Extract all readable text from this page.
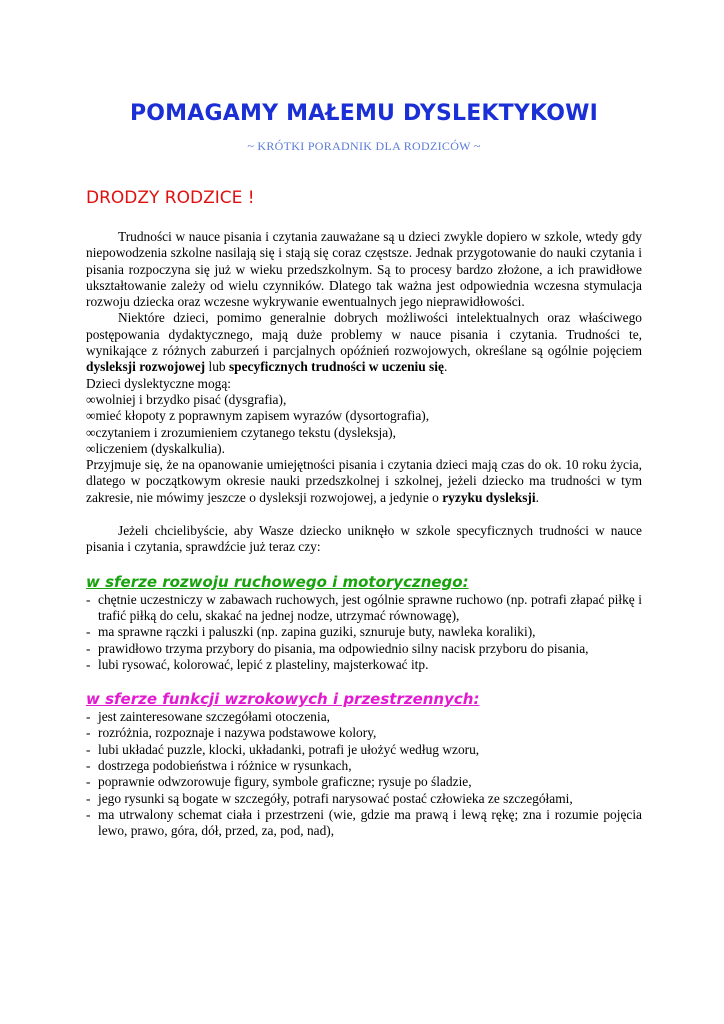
POMAGAMY MAŁEMU DYSLEKTYKOWI
~ KRÓTKI PORADNIK DLA RODZICÓW ~
DRODZY RODZICE !

Trudności w nauce pisania i czytania zauważane są u dzieci zwykle dopiero w szkole, wtedy gdy niepowodzenia szkolne nasilają się i stają się coraz częstsze. Jednak przygotowanie do nauki czytania i pisania rozpoczyna się już w wieku przedszkolnym. Są to procesy bardzo złożone, a ich prawidłowe ukształtowanie zależy od wielu czynników. Dlatego tak ważna jest odpowiednia wczesna stymulacja rozwoju dziecka oraz wczesne wykrywanie ewentualnych jego nieprawidłowości.

Niektóre dzieci, pomimo generalnie dobrych możliwości intelektualnych oraz właściwego postępowania dydaktycznego, mają duże problemy w nauce pisania i czytania. Trudności te, wynikające z różnych zaburzeń i parcjalnych opóźnień rozwojowych, określane są ogólnie pojęciem dysleksji rozwojowej lub specyficznych trudności w uczeniu się.

Dzieci dyslektyczne mogą:

∞wolniej i brzydko pisać (dysgrafia),

∞mieć kłopoty z poprawnym zapisem wyrazów (dysortografia),

∞czytaniem i zrozumieniem czytanego tekstu (dysleksja),

∞liczeniem (dyskalkulia).

Przyjmuje się, że na opanowanie umiejętności pisania i czytania dzieci mają czas do ok. 10 roku życia, dlatego w początkowym okresie nauki przedszkolnej i szkolnej, jeżeli dziecko ma trudności w tym zakresie, nie mówimy jeszcze o dysleksji rozwojowej, a jedynie o ryzyku dysleksji.

Jeżeli chcielibyście, aby Wasze dziecko uniknęło w szkole specyficznych trudności w nauce pisania i czytania, sprawdźcie już teraz czy:

w sferze rozwoju ruchowego i motorycznego:

- chętnie uczestniczy w zabawach ruchowych, jest ogólnie sprawne ruchowo (np. potrafi złapać piłkę i trafić piłką do celu, skakać na jednej nodze, utrzymać równowagę),
- ma sprawne rączki i paluszki (np. zapina guziki, sznuruje buty, nawleka koraliki),
- prawidłowo trzyma przybory do pisania, ma odpowiednio silny nacisk przyboru do pisania,
- lubi rysować, kolorować, lepić z plasteliny, majsterkować itp.

w sferze funkcji wzrokowych i przestrzennych:

- jest zainteresowane szczegółami otoczenia,
- rozróżnia, rozpoznaje i nazywa podstawowe kolory,
- lubi układać puzzle, klocki, układanki, potrafi je ułożyć według wzoru,
- dostrzega podobieństwa i różnice w rysunkach,
- poprawnie odwzorowuje figury, symbole graficzne; rysuje po śladzie,
- jego rysunki są bogate w szczegóły, potrafi narysować postać człowieka ze szczegółami,
- ma utrwalony schemat ciała i przestrzeni (wie, gdzie ma prawą i lewą rękę; zna i rozumie pojęcia lewo, prawo, góra, dół, przed, za, pod, nad),
